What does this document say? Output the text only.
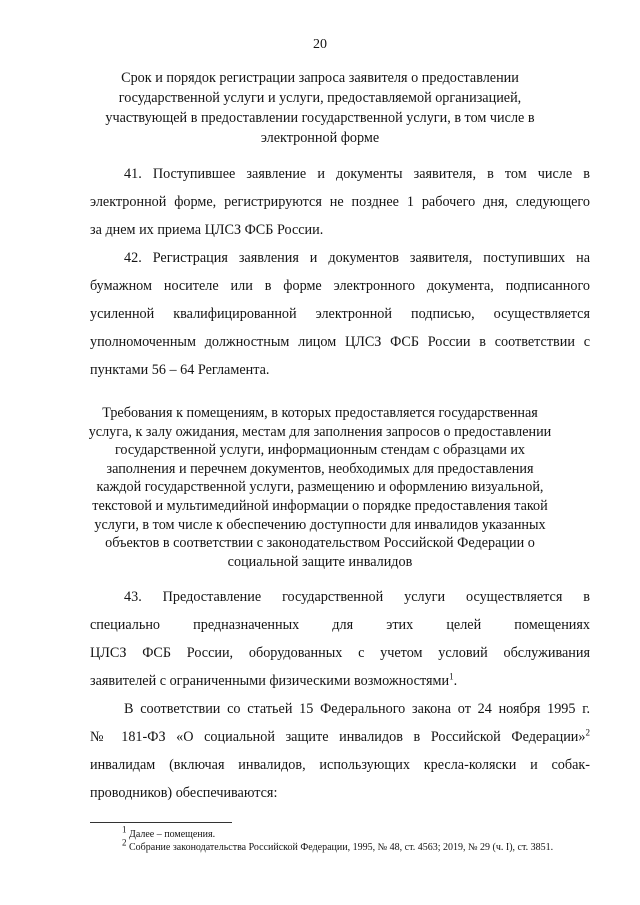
20
Срок и порядок регистрации запроса заявителя о предоставлении
государственной услуги и услуги, предоставляемой организацией,
участвующей в предоставлении государственной услуги, в том числе в
электронной форме
41. Поступившее заявление и документы заявителя, в том числе в
электронной форме, регистрируются не позднее 1 рабочего дня, следующего
за днем их приема ЦЛСЗ ФСБ России.
42. Регистрация заявления и документов заявителя, поступивших на
бумажном носителе или в форме электронного документа, подписанного
усиленной квалифицированной электронной подписью, осуществляется
уполномоченным должностным лицом ЦЛСЗ ФСБ России в соответствии с
пунктами 56 – 64 Регламента.
Требования к помещениям, в которых предоставляется государственная
услуга, к залу ожидания, местам для заполнения запросов о предоставлении
государственной услуги, информационным стендам с образцами их
заполнения и перечнем документов, необходимых для предоставления
каждой государственной услуги, размещению и оформлению визуальной,
текстовой и мультимедийной информации о порядке предоставления такой
услуги, в том числе к обеспечению доступности для инвалидов указанных
объектов в соответствии с законодательством Российской Федерации о
социальной защите инвалидов
43. Предоставление государственной услуги осуществляется в
специально предназначенных для этих целей помещениях
ЦЛСЗ ФСБ России, оборудованных с учетом условий обслуживания
заявителей с ограниченными физическими возможностями$^1$.
В соответствии со статьей 15 Федерального закона от 24 ноября 1995 г.
№ 181-ФЗ «О социальной защите инвалидов в Российской Федерации»$^2$
инвалидам (включая инвалидов, использующих кресла-коляски и собак-
проводников) обеспечиваются:
$^1$ Далее – помещения.
$^2$ Собрание законодательства Российской Федерации, 1995, № 48, ст. 4563; 2019, № 29 (ч. I), ст. 3851.
